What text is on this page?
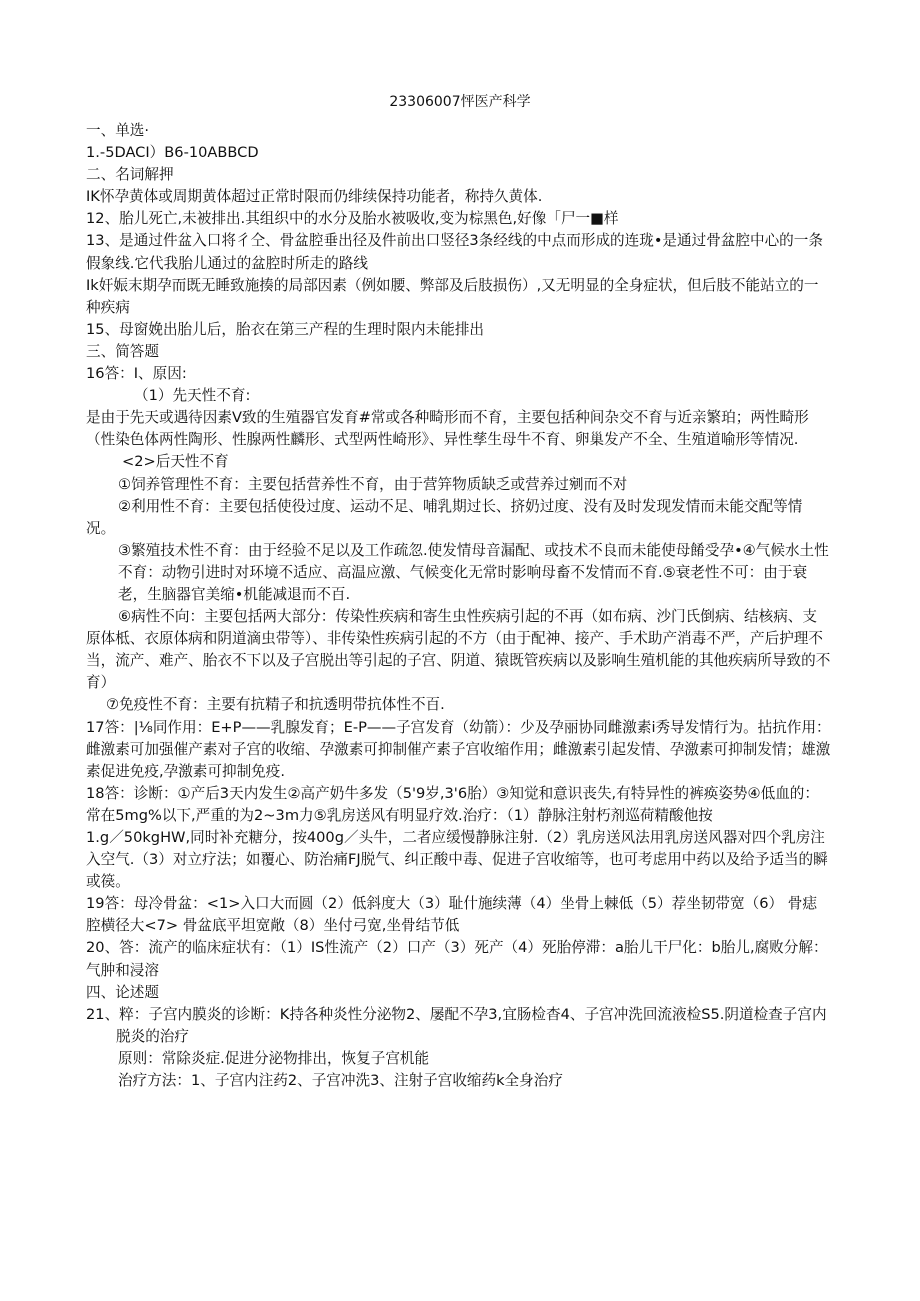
23306007怦医产科学

一、单选·

1.-5DACI）B6-10ABBCD

二、名词解押

IK怀孕黄体或周期黄体超过正常时限而仍绯续保持功能者，称持久黄体.

12、胎儿死亡,未被排出.其组织中的水分及胎水被吸收,变为棕黑色,好像「尸一■样

13、是通过件盆入口将彳仝、骨盆腔垂出径及件前出口竖径3条经线的中点而形成的连珑•是通过骨盆腔中心的一条假象线.它代我胎儿通过的盆腔时所走的路线

Ik奸娠末期孕而既无睡致施揍的局部因素（例如腰、弊部及后肢损伤）,又无明显的全身症状，但后肢不能站立的一种疾病

15、母窗娩出胎儿后，胎衣在第三产程的生理时限内未能排出

三、简答题

16答：I、原因:

（1）先天性不育:

是由于先天或遇待因素V致的生殖器官发育#常或各种畸形而不育，主要包括种间杂交不育与近亲繁珀；两性畸形（性染色体两性陶形、性腺两性麟形、式型两性崎形》、异性孳生母牛不育、卵巢发产不全、生殖道喻形等情况.

<2>后天性不育

①饲养管理性不育：主要包括营养性不育，由于营笄物质缺乏或营养过剜而不对

②利用性不育：主要包括使役过度、运动不足、哺乳期过长、挤奶过度、没有及时发现发情而未能交配等情况。

③繁殖技术性不育：由于经验不足以及工作疏忽.使发情母音漏配、或技术不良而未能使母餚受孕•④气候水土性不育：动物引进时对环境不适应、高温应激、气候变化无常时影响母畜不发情而不育.⑤衰老性不可：由于衰老，生脑器官美缩•机能减退而不百.

⑥病性不向：主要包括两大部分：传染性疾病和寄生虫性疾病引起的不再（如布病、沙门氏倒病、结核病、支原体柢、衣原体病和阴道滴虫带等）、非传染性疾病引起的不方（由于配神、接产、手术助产消毒不严，产后护理不当，流产、难产、胎衣不下以及子宫脱出等引起的子宫、阴道、猿既管疾病以及影响生殖机能的其他疾病所导致的不育）

⑦免疫性不育：主要有抗精子和抗透明带抗体性不百.

17答：|⅛同作用：E+P——乳腺发育；E-P——子宫发育（幼箭）：少及孕丽协同雌激素i秀导发情行为。拈抗作用：雌激素可加强催产素对子宫的收缩、孕激素可抑制催产素子宫收缩作用；雌激素引起发情、孕激素可抑制发情；雄激素促进免疫,孕激素可抑制免疫.

18答：诊断：①产后3天内发生②高产奶牛多发（5'9岁,3'6胎）③知觉和意识丧失,有特异性的裤痪姿势④低血的：常在5mg%以下,严重的为2~3m力⑤乳房送风有明显疗效.治疗：（1）静脉注射朽剂巡荷精酸他按

1.g／50kgHW,同时补充糖分，按400g／头牛，二者应缓慢静脉注射.（2）乳房送风法用乳房送风器对四个乳房注入空气.（3）对立疗法；如覆心、防治痛FJ脱气、纠正酸中毒、促进子宫收缩等，也可考虑用中药以及给予适当的瞬或篌。

19答：母冷骨盆：<1>入口大而圆（2）低斜度大（3）耻什施续薄（4）坐骨上棘低（5）荐坐韧带宽（6） 骨痣腔横径大<7> 骨盆底平坦宽敞（8）坐付弓宽,坐骨结节低

20、答：流产的临床症状有：（1）IS性流产（2）口产（3）死产（4）死胎停滞：a胎儿干尸化：b胎儿,腐败分解：气肿和浸溶

四、论述题

21、粹：子宫内膜炎的诊断：K持各种炎性分泌物2、屡配不孕3,宜肠检杳4、子宫冲洗回流液检S5.阴道检查子宫内脱炎的治疗

原则：常除炎症.促进分泌物排出，恢复子宫机能

治疗方法：1、子宫内注药2、子宫冲洗3、注射子宫收缩药k全身治疗
